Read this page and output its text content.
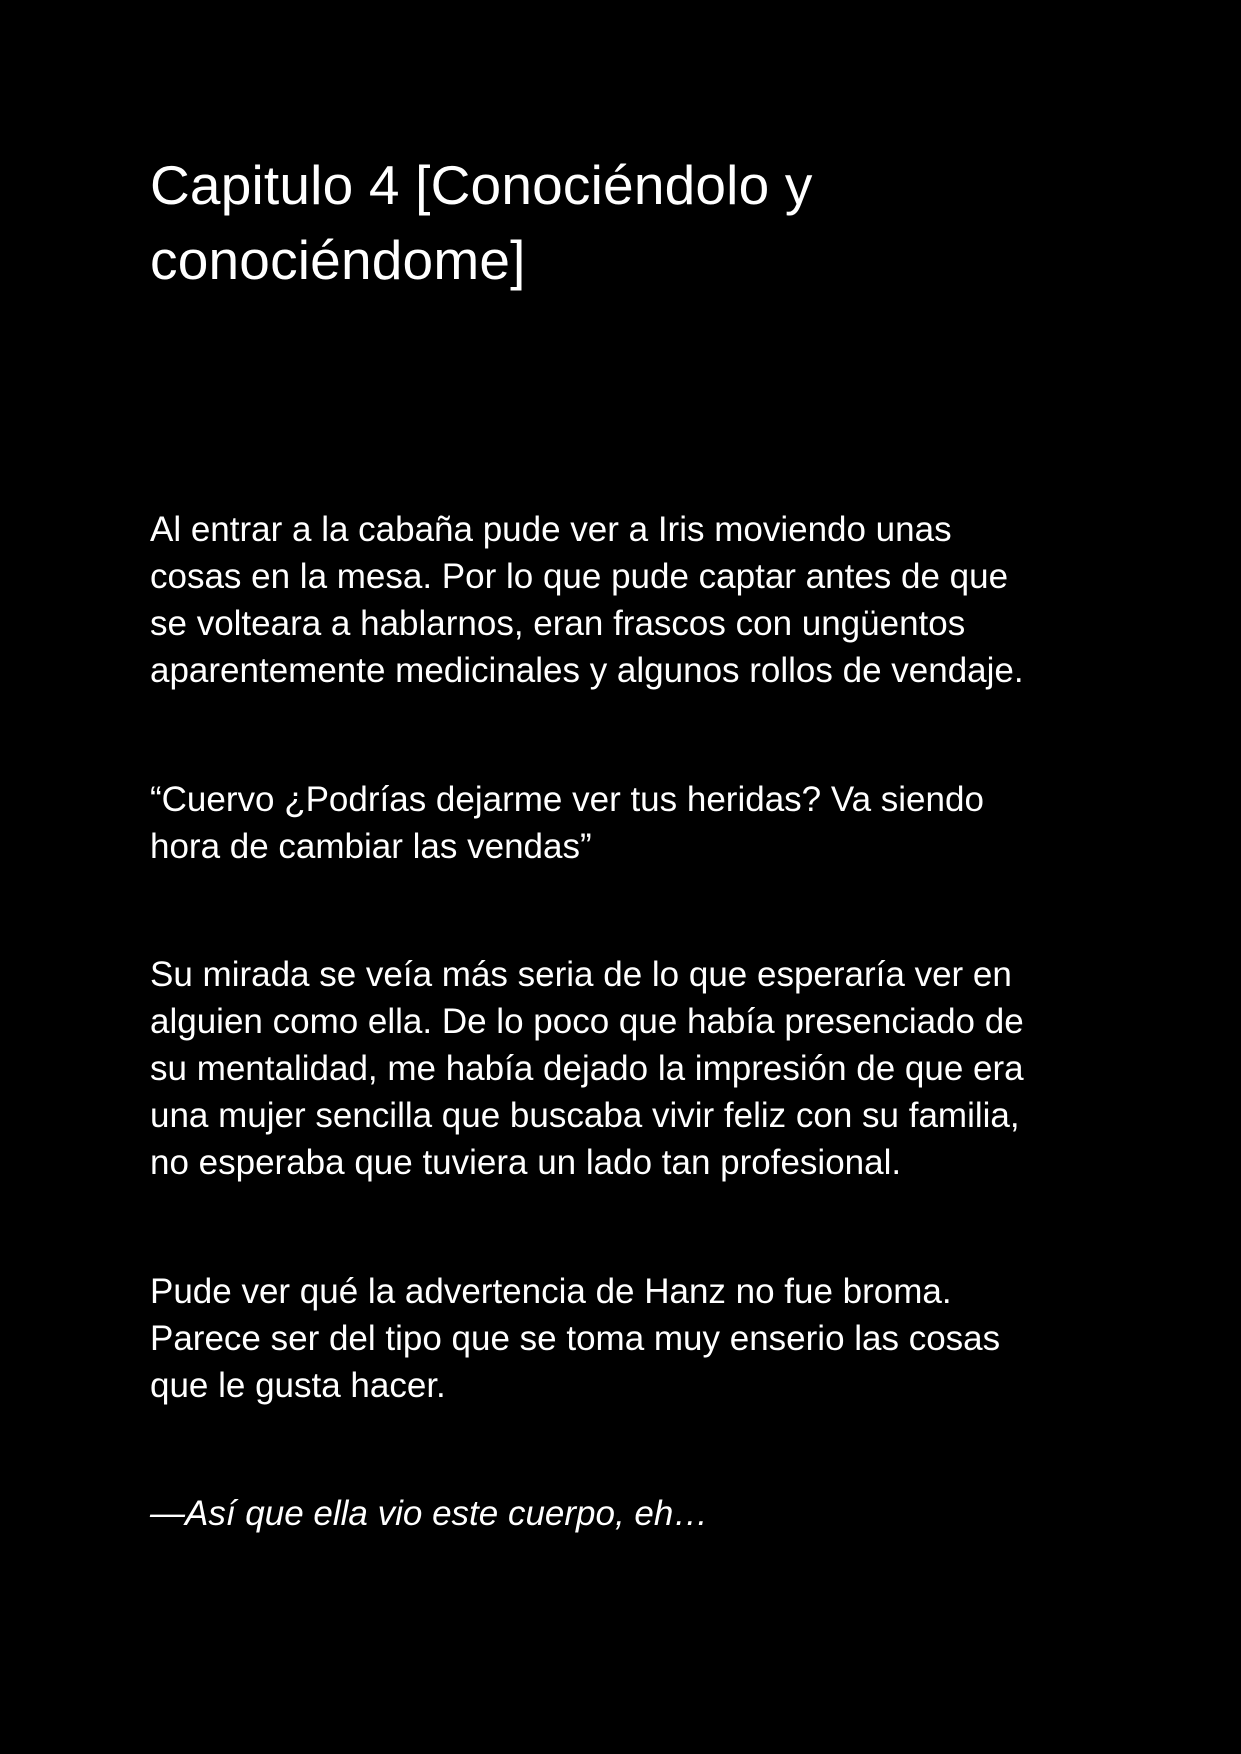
Capitulo 4 [Conociéndolo y
conociéndome]

Al entrar a la cabaña pude ver a Iris moviendo unas
cosas en la mesa. Por lo que pude captar antes de que
se volteara a hablarnos, eran frascos con ungüentos
aparentemente medicinales y algunos rollos de vendaje.

“Cuervo ¿Podrías dejarme ver tus heridas? Va siendo
hora de cambiar las vendas”

Su mirada se veía más seria de lo que esperaría ver en
alguien como ella. De lo poco que había presenciado de
su mentalidad, me había dejado la impresión de que era
una mujer sencilla que buscaba vivir feliz con su familia,
no esperaba que tuviera un lado tan profesional.

Pude ver qué la advertencia de Hanz no fue broma.
Parece ser del tipo que se toma muy enserio las cosas
que le gusta hacer.

—Así que ella vio este cuerpo, eh…
